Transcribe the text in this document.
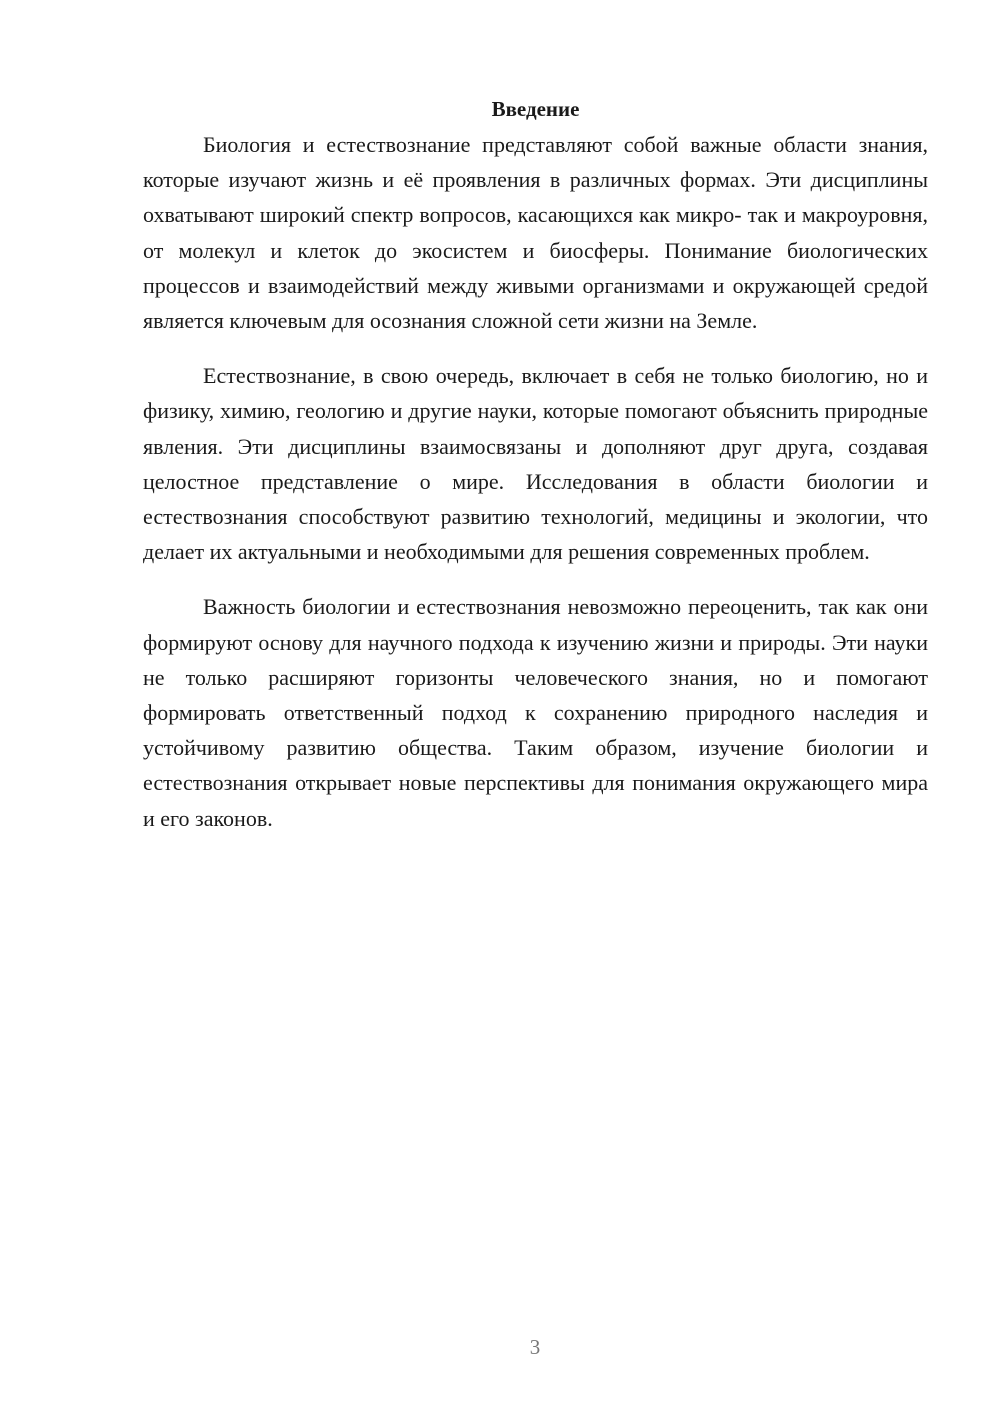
Введение

Биология и естествознание представляют собой важные области знания, которые изучают жизнь и её проявления в различных формах. Эти дисциплины охватывают широкий спектр вопросов, касающихся как микро- так и макроуровня, от молекул и клеток до экосистем и биосферы. Понимание биологических процессов и взаимодействий между живыми организмами и окружающей средой является ключевым для осознания сложной сети жизни на Земле.

Естествознание, в свою очередь, включает в себя не только биологию, но и физику, химию, геологию и другие науки, которые помогают объяснить природные явления. Эти дисциплины взаимосвязаны и дополняют друг друга, создавая целостное представление о мире. Исследования в области биологии и естествознания способствуют развитию технологий, медицины и экологии, что делает их актуальными и необходимыми для решения современных проблем.

Важность биологии и естествознания невозможно переоценить, так как они формируют основу для научного подхода к изучению жизни и природы. Эти науки не только расширяют горизонты человеческого знания, но и помогают формировать ответственный подход к сохранению природного наследия и устойчивому развитию общества. Таким образом, изучение биологии и естествознания открывает новые перспективы для понимания окружающего мира и его законов.

3
